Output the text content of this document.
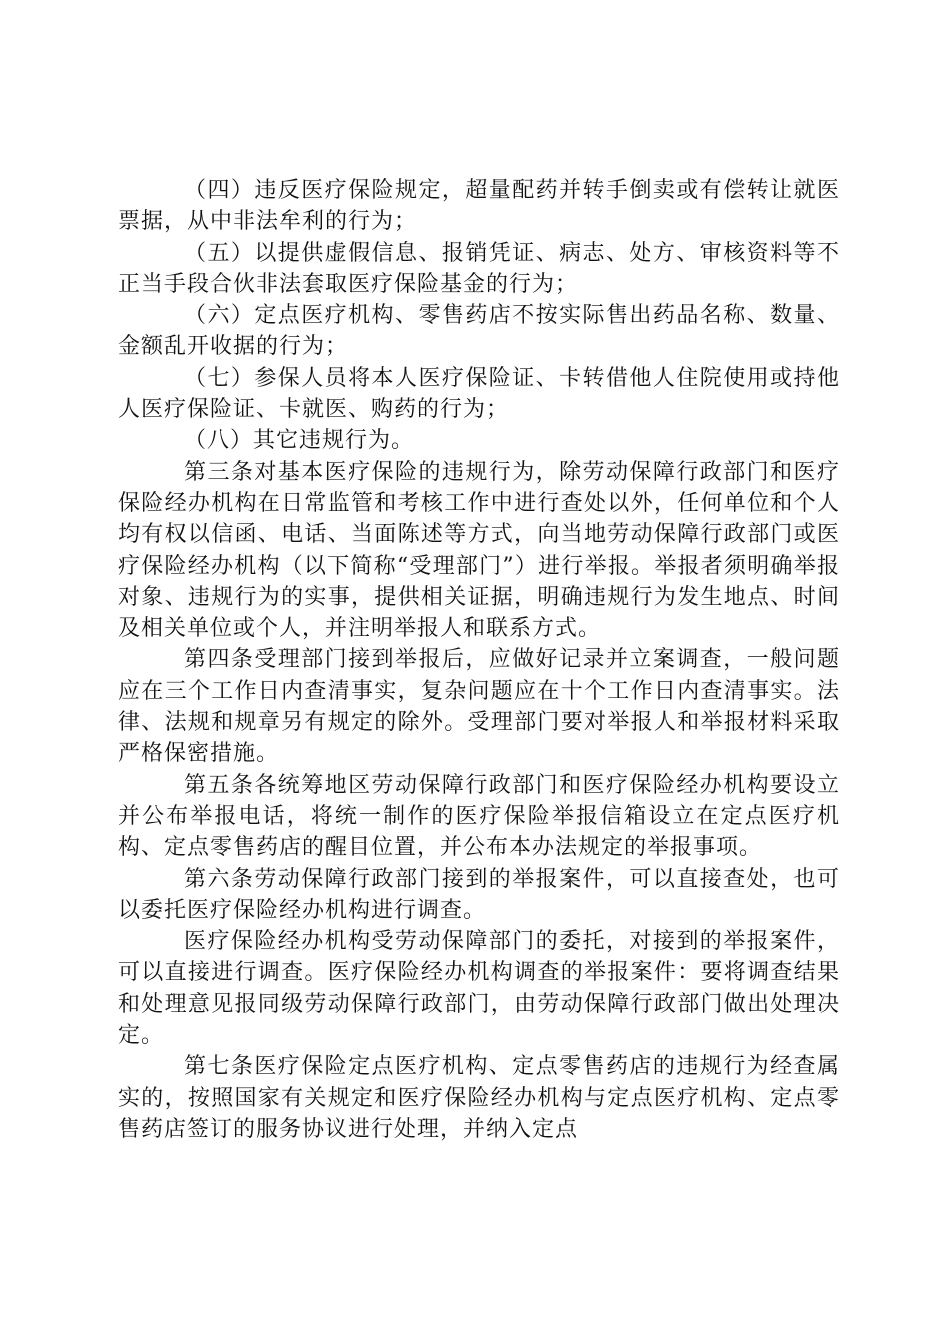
（四）违反医疗保险规定，超量配药并转手倒卖或有偿转让就医票据，从中非法牟利的行为；

（五）以提供虚假信息、报销凭证、病志、处方、审核资料等不正当手段合伙非法套取医疗保险基金的行为；

（六）定点医疗机构、零售药店不按实际售出药品名称、数量、金额乱开收据的行为；

（七）参保人员将本人医疗保险证、卡转借他人住院使用或持他人医疗保险证、卡就医、购药的行为；

（八）其它违规行为。

第三条对基本医疗保险的违规行为，除劳动保障行政部门和医疗保险经办机构在日常监管和考核工作中进行查处以外，任何单位和个人均有权以信函、电话、当面陈述等方式，向当地劳动保障行政部门或医疗保险经办机构（以下简称“受理部门”）进行举报。举报者须明确举报对象、违规行为的实事，提供相关证据，明确违规行为发生地点、时间及相关单位或个人，并注明举报人和联系方式。

第四条受理部门接到举报后，应做好记录并立案调查，一般问题应在三个工作日内查清事实，复杂问题应在十个工作日内查清事实。法律、法规和规章另有规定的除外。受理部门要对举报人和举报材料采取严格保密措施。

第五条各统筹地区劳动保障行政部门和医疗保险经办机构要设立并公布举报电话，将统一制作的医疗保险举报信箱设立在定点医疗机构、定点零售药店的醒目位置，并公布本办法规定的举报事项。

第六条劳动保障行政部门接到的举报案件，可以直接查处，也可以委托医疗保险经办机构进行调查。

医疗保险经办机构受劳动保障部门的委托，对接到的举报案件，可以直接进行调查。医疗保险经办机构调查的举报案件：要将调查结果和处理意见报同级劳动保障行政部门，由劳动保障行政部门做出处理决定。

第七条医疗保险定点医疗机构、定点零售药店的违规行为经查属实的，按照国家有关规定和医疗保险经办机构与定点医疗机构、定点零售药店签订的服务协议进行处理，并纳入定点
